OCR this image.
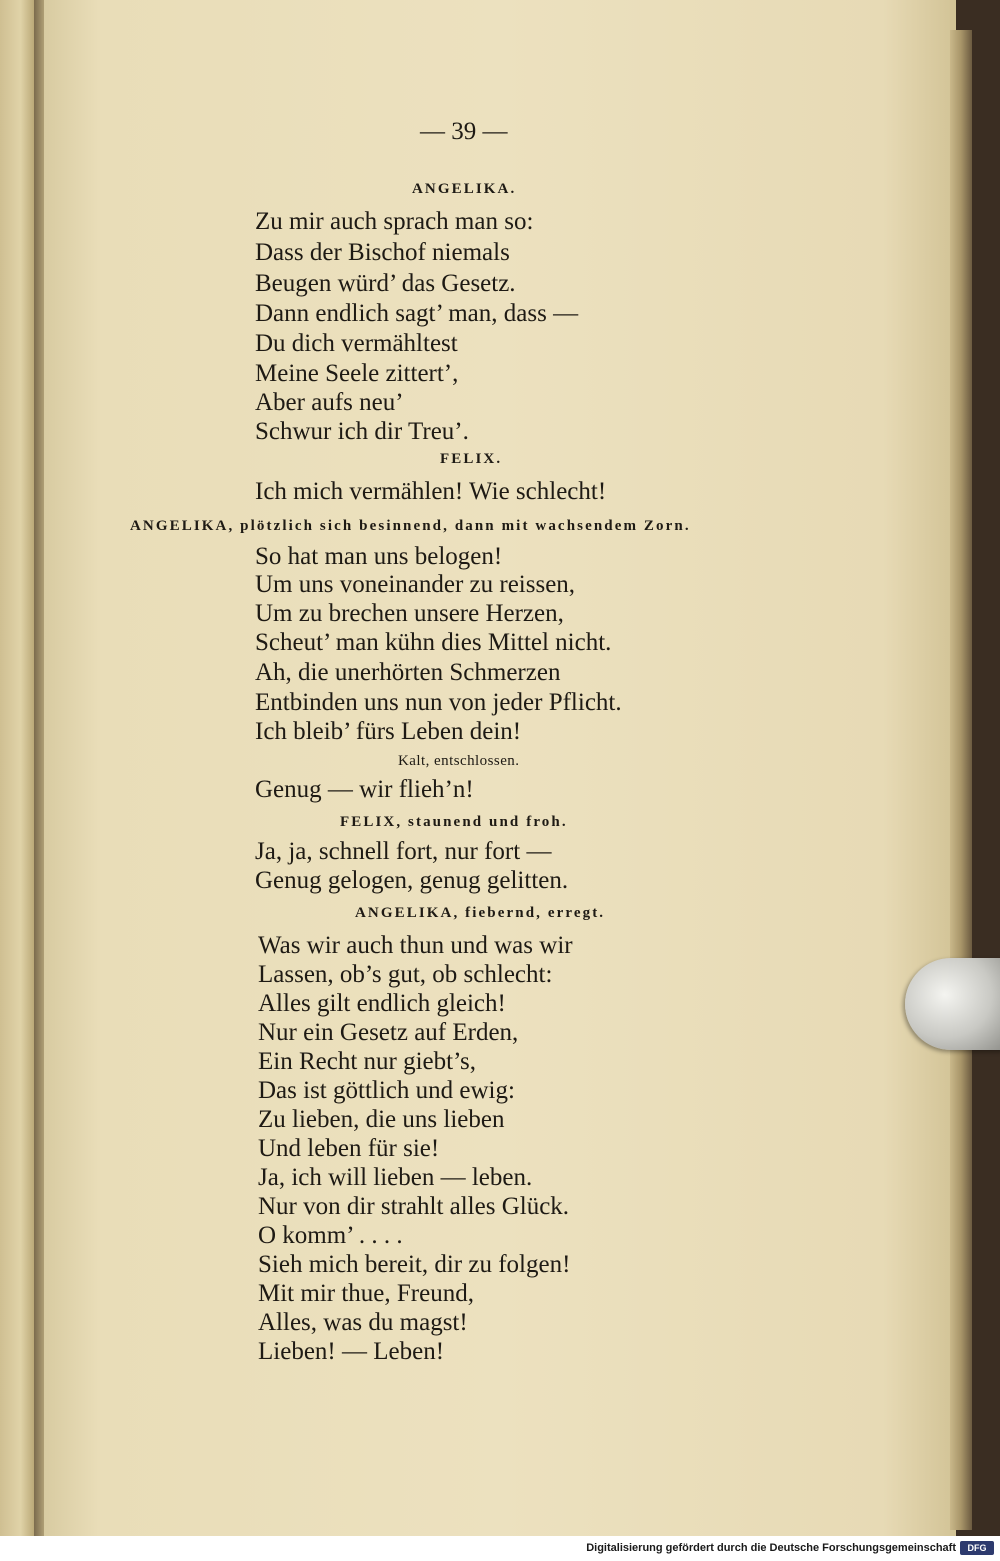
— 39 —
ANGELIKA.
Zu mir auch sprach man so:
Dass der Bischof niemals
Beugen würd’ das Gesetz.
Dann endlich sagt’ man, dass —
Du dich vermähltest
Meine Seele zittert’,
Aber aufs neu’
Schwur ich dir Treu’.
FELIX.
Ich mich vermählen! Wie schlecht!
ANGELIKA, plötzlich sich besinnend, dann mit wachsendem Zorn.
So hat man uns belogen!
Um uns voneinander zu reissen,
Um zu brechen unsere Herzen,
Scheut’ man kühn dies Mittel nicht.
Ah, die unerhörten Schmerzen
Entbinden uns nun von jeder Pflicht.
Ich bleib’ fürs Leben dein!
Kalt, entschlossen.
Genug — wir flieh’n!
FELIX, staunend und froh.
Ja, ja, schnell fort, nur fort —
Genug gelogen, genug gelitten.
ANGELIKA, fiebernd, erregt.
Was wir auch thun und was wir
Lassen, ob’s gut, ob schlecht:
Alles gilt endlich gleich!
Nur ein Gesetz auf Erden,
Ein Recht nur giebt’s,
Das ist göttlich und ewig:
Zu lieben, die uns lieben
Und leben für sie!
Ja, ich will lieben — leben.
Nur von dir strahlt alles Glück.
O komm’ . . . .
Sieh mich bereit, dir zu folgen!
Mit mir thue, Freund,
Alles, was du magst!
Lieben! — Leben!
Digitalisierung gefördert durch die Deutsche Forschungsgemeinschaft	DFG
